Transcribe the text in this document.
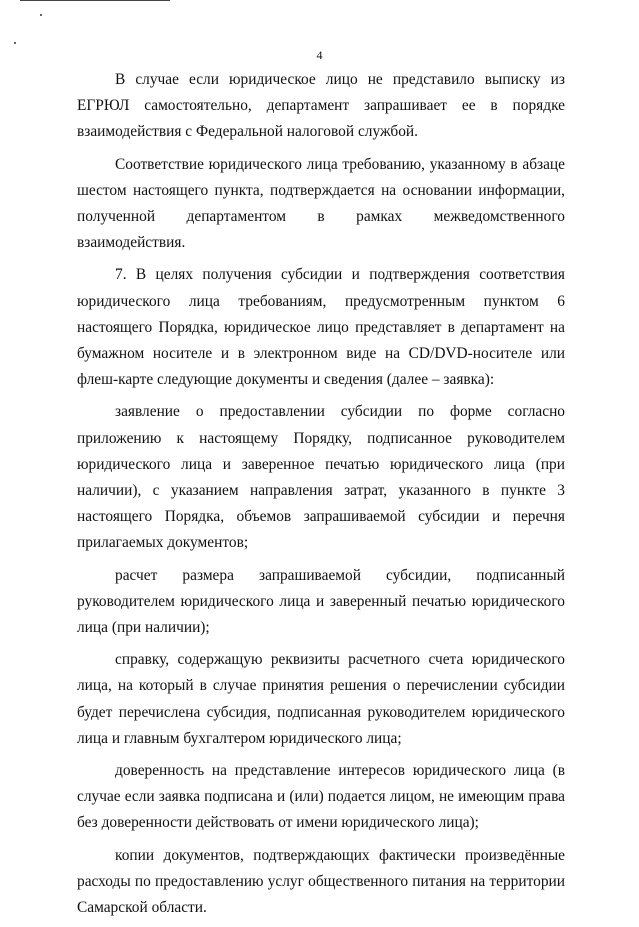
4

В случае если юридическое лицо не представило выписку из ЕГРЮЛ самостоятельно, департамент запрашивает ее в порядке взаимодействия с Федеральной налоговой службой.

Соответствие юридического лица требованию, указанному в абзаце шестом настоящего пункта, подтверждается на основании информации, полученной департаментом в рамках межведомственного взаимодействия.

7. В целях получения субсидии и подтверждения соответствия юридического лица требованиям, предусмотренным пунктом 6 настоящего Порядка, юридическое лицо представляет в департамент на бумажном носителе и в электронном виде на CD/DVD-носителе или флеш-карте следующие документы и сведения (далее – заявка):

заявление о предоставлении субсидии по форме согласно приложению к настоящему Порядку, подписанное руководителем юридического лица и заверенное печатью юридического лица (при наличии), с указанием направления затрат, указанного в пункте 3 настоящего Порядка, объемов запрашиваемой субсидии и перечня прилагаемых документов;

расчет размера запрашиваемой субсидии, подписанный руководителем юридического лица и заверенный печатью юридического лица (при наличии);

справку, содержащую реквизиты расчетного счета юридического лица, на который в случае принятия решения о перечислении субсидии будет перечислена субсидия, подписанная руководителем юридического лица и главным бухгалтером юридического лица;

доверенность на представление интересов юридического лица (в случае если заявка подписана и (или) подается лицом, не имеющим права без доверенности действовать от имени юридического лица);

копии документов, подтверждающих фактически произведённые расходы по предоставлению услуг общественного питания на территории Самарской области.
